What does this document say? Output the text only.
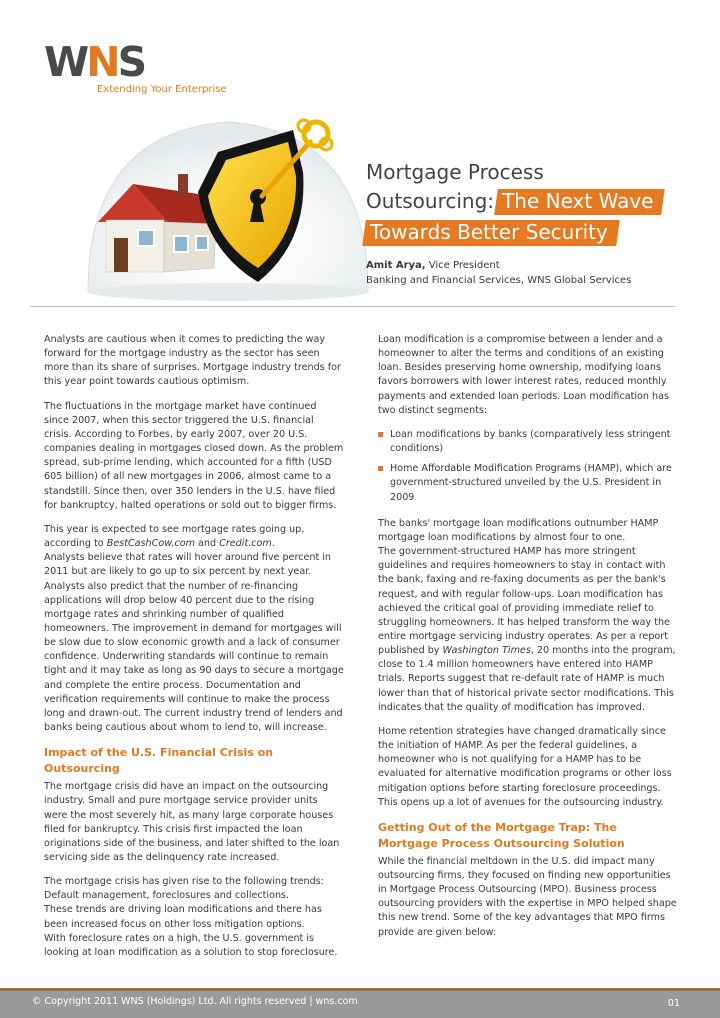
WNS
Extending Your Enterprise
Mortgage Process
Outsourcing: The Next Wave
Towards Better Security
Amit Arya, Vice President
Banking and Financial Services, WNS Global Services

Analysts are cautious when it comes to predicting the way forward for the mortgage industry as the sector has seen more than its share of surprises. Mortgage industry trends for this year point towards cautious optimism.

The fluctuations in the mortgage market have continued since 2007, when this sector triggered the U.S. financial crisis. According to Forbes, by early 2007, over 20 U.S. companies dealing in mortgages closed down. As the problem spread, sub-prime lending, which accounted for a fifth (USD 605 billion) of all new mortgages in 2006, almost came to a standstill. Since then, over 350 lenders in the U.S. have filed for bankruptcy, halted operations or sold out to bigger firms.

This year is expected to see mortgage rates going up, according to BestCashCow.com and Credit.com.

Analysts believe that rates will hover around five percent in 2011 but are likely to go up to six percent by next year. Analysts also predict that the number of re-financing applications will drop below 40 percent due to the rising mortgage rates and shrinking number of qualified homeowners. The improvement in demand for mortgages will be slow due to slow economic growth and a lack of consumer confidence. Underwriting standards will continue to remain tight and it may take as long as 90 days to secure a mortgage and complete the entire process. Documentation and verification requirements will continue to make the process long and drawn-out. The current industry trend of lenders and banks being cautious about whom to lend to, will increase.

Impact of the U.S. Financial Crisis on Outsourcing

The mortgage crisis did have an impact on the outsourcing industry. Small and pure mortgage service provider units were the most severely hit, as many large corporate houses filed for bankruptcy. This crisis first impacted the loan originations side of the business, and later shifted to the loan servicing side as the delinquency rate increased.

The mortgage crisis has given rise to the following trends:

Default management, foreclosures and collections.

These trends are driving loan modifications and there has been increased focus on other loss mitigation options.

With foreclosure rates on a high, the U.S. government is looking at loan modification as a solution to stop foreclosure.

Loan modification is a compromise between a lender and a homeowner to alter the terms and conditions of an existing loan. Besides preserving home ownership, modifying loans favors borrowers with lower interest rates, reduced monthly payments and extended loan periods. Loan modification has two distinct segments:

Loan modifications by banks (comparatively less stringent conditions)
Home Affordable Modification Programs (HAMP), which are government-structured unveiled by the U.S. President in 2009

The banks' mortgage loan modifications outnumber HAMP mortgage loan modifications by almost four to one.

The government-structured HAMP has more stringent guidelines and requires homeowners to stay in contact with the bank, faxing and re-faxing documents as per the bank's request, and with regular follow-ups. Loan modification has achieved the critical goal of providing immediate relief to struggling homeowners. It has helped transform the way the entire mortgage servicing industry operates. As per a report published by Washington Times, 20 months into the program, close to 1.4 million homeowners have entered into HAMP trials. Reports suggest that re-default rate of HAMP is much lower than that of historical private sector modifications. This indicates that the quality of modification has improved.

Home retention strategies have changed dramatically since the initiation of HAMP. As per the federal guidelines, a homeowner who is not qualifying for a HAMP has to be evaluated for alternative modification programs or other loss mitigation options before starting foreclosure proceedings. This opens up a lot of avenues for the outsourcing industry.

Getting Out of the Mortgage Trap: The Mortgage Process Outsourcing Solution

While the financial meltdown in the U.S. did impact many outsourcing firms, they focused on finding new opportunities in Mortgage Process Outsourcing (MPO). Business process outsourcing providers with the expertise in MPO helped shape this new trend. Some of the key advantages that MPO firms provide are given below:

© Copyright 2011 WNS (Holdings) Ltd. All rights reserved | wns.com	01
